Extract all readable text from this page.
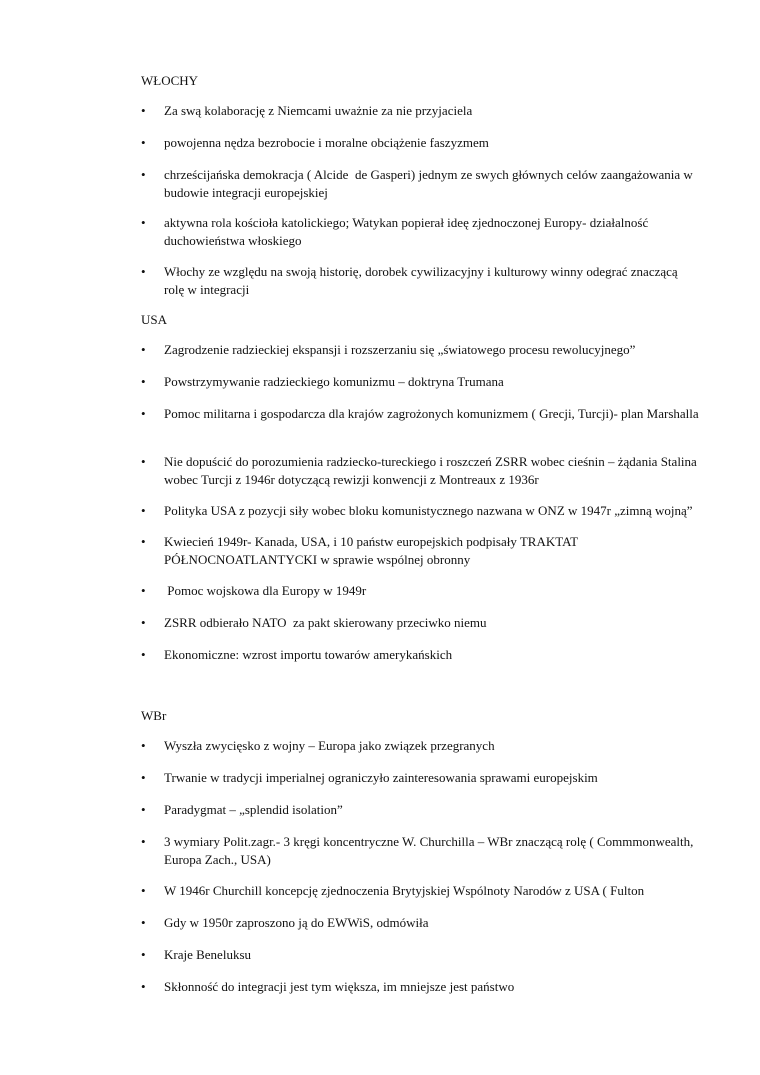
WŁOCHY
•	Za swą kolaborację z Niemcami uważnie za nie przyjaciela
•	powojenna nędza bezrobocie i moralne obciążenie faszyzmem
•	chrześcijańska demokracja ( Alcide  de Gasperi) jednym ze swych głównych celów zaangażowania w budowie integracji europejskiej
•	aktywna rola kościoła katolickiego; Watykan popierał ideę zjednoczonej Europy- działalność duchowieństwa włoskiego
•	Włochy ze względu na swoją historię, dorobek cywilizacyjny i kulturowy winny odegrać znaczącą rolę w integracji
USA
•	Zagrodzenie radzieckiej ekspansji i rozszerzaniu się „światowego procesu rewolucyjnego”
•	Powstrzymywanie radzieckiego komunizmu – doktryna Trumana
•	Pomoc militarna i gospodarcza dla krajów zagrożonych komunizmem ( Grecji, Turcji)- plan Marshalla
•	Nie dopuścić do porozumienia radziecko-tureckiego i roszczeń ZSRR wobec cieśnin – żądania Stalina wobec Turcji z 1946r dotyczącą rewizji konwencji z Montreaux z 1936r
•	Polityka USA z pozycji siły wobec bloku komunistycznego nazwana w ONZ w 1947r „zimną wojną”
•	Kwiecień 1949r- Kanada, USA, i 10 państw europejskich podpisały TRAKTAT PÓŁNOCNOATLANTYCKI w sprawie wspólnej obronny
•	Pomoc wojskowa dla Europy w 1949r
•	ZSRR odbierało NATO  za pakt skierowany przeciwko niemu
•	Ekonomiczne: wzrost importu towarów amerykańskich
WBr
•	Wyszła zwycięsko z wojny – Europa jako związek przegranych
•	Trwanie w tradycji imperialnej ograniczyło zainteresowania sprawami europejskim
•	Paradygmat – „splendid isolation”
•	3 wymiary Polit.zagr.- 3 kręgi koncentryczne W. Churchilla – WBr znaczącą rolę ( Commmonwealth, Europa Zach., USA)
•	W 1946r Churchill koncepcję zjednoczenia Brytyjskiej Wspólnoty Narodów z USA ( Fulton
•	Gdy w 1950r zaproszono ją do EWWiS, odmówiła
•	Kraje Beneluksu
•	Skłonność do integracji jest tym większa, im mniejsze jest państwo
